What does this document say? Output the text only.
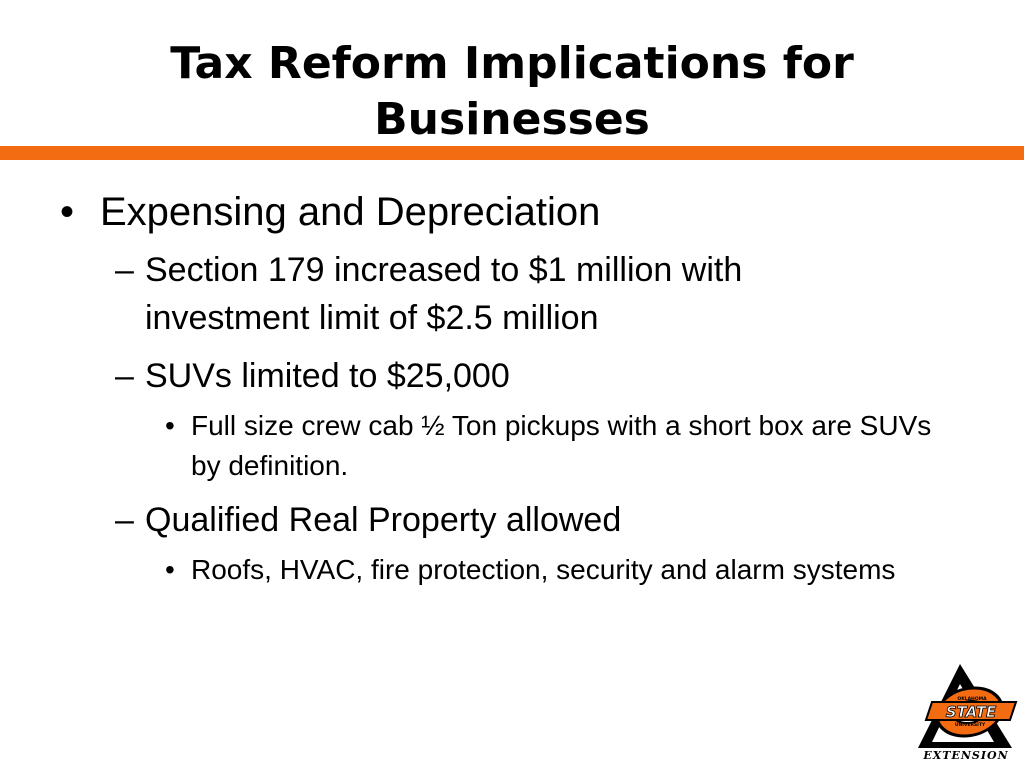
Tax Reform Implications for
Businesses
• Expensing and Depreciation
– Section 179 increased to $1 million with investment limit of $2.5 million
– SUVs limited to $25,000
• Full size crew cab ½ Ton pickups with a short box are SUVs by definition.
– Qualified Real Property allowed
• Roofs, HVAC, fire protection, security and alarm systems
STATE
OKLAHOMA
UNIVERSITY
EXTENSION
